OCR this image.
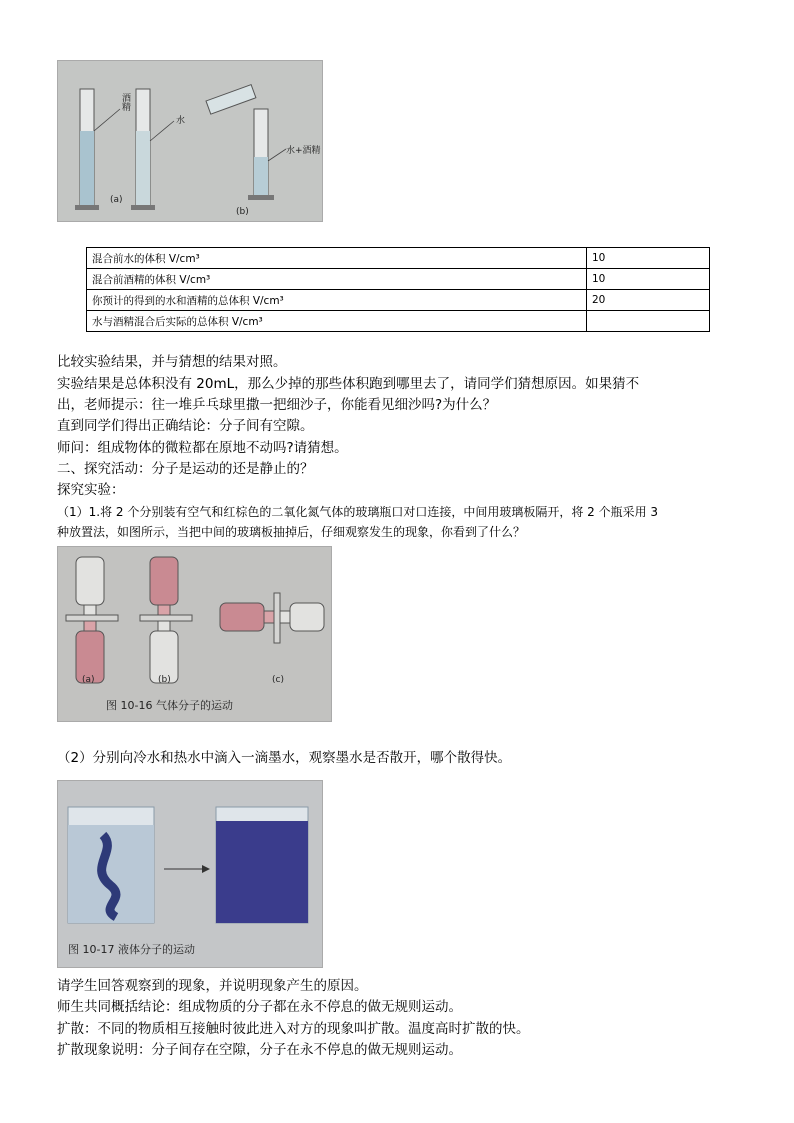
酒精
水
水+酒精
(a)
(b)
混合前水的体积 V/cm³	10
混合前酒精的体积 V/cm³	10
你预计的得到的水和酒精的总体积 V/cm³	20
水与酒精混合后实际的总体积 V/cm³	
比较实验结果，并与猜想的结果对照。
实验结果是总体积没有 20mL，那么少掉的那些体积跑到哪里去了，请同学们猜想原因。如果猜不
出，老师提示：往一堆乒乓球里撒一把细沙子，你能看见细沙吗?为什么？
直到同学们得出正确结论：分子间有空隙。
师问：组成物体的微粒都在原地不动吗?请猜想。
二、探究活动：分子是运动的还是静止的？
探究实验：
（1）1.将 2 个分别装有空气和红棕色的二氧化氮气体的玻璃瓶口对口连接，中间用玻璃板隔开，将 2 个瓶采用 3
种放置法，如图所示，当把中间的玻璃板抽掉后，仔细观察发生的现象，你看到了什么？
(a)	(b)	(c)
图 10-16 气体分子的运动
（2）分别向冷水和热水中滴入一滴墨水，观察墨水是否散开，哪个散得快。
图 10-17 液体分子的运动
请学生回答观察到的现象，并说明现象产生的原因。
师生共同概括结论：组成物质的分子都在永不停息的做无规则运动。
扩散：不同的物质相互接触时彼此进入对方的现象叫扩散。温度高时扩散的快。
扩散现象说明：分子间存在空隙，分子在永不停息的做无规则运动。
